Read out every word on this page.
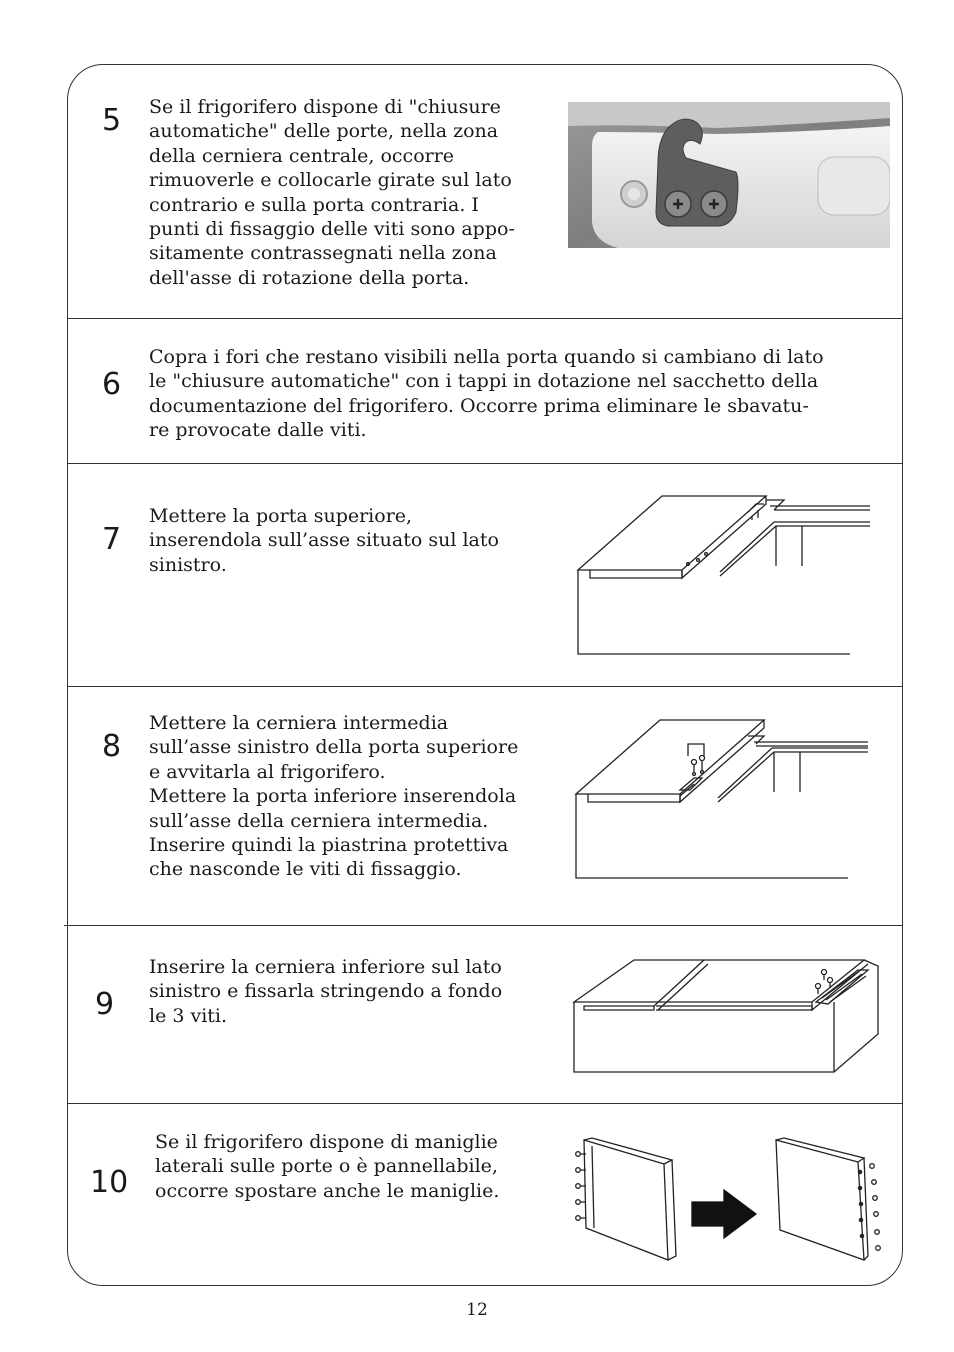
5 Se il frigorifero dispone di "chiusure

automatiche" delle porte, nella zona

della cerniera centrale, occorre

rimuoverle e collocarle girate sul lato

contrario e sulla porta contraria. I

punti di fissaggio delle viti sono appo-

sitamente contrassegnati nella zona

dell'asse di rotazione della porta.

6

Copra i fori che restano visibili nella porta quando si cambiano di lato

le "chiusure automatiche" con i tappi in dotazione nel sacchetto della

documentazione del frigorifero. Occorre prima eliminare le sbavatu-

re provocate dalle viti.

7

Mettere la porta superiore,

inserendola sull’asse situato sul lato

sinistro.

8

Mettere la cerniera intermedia

sull’asse sinistro della porta superiore

e avvitarla al frigorifero.

Mettere la porta inferiore inserendola

sull’asse della cerniera intermedia.

Inserire quindi la piastrina protettiva

che nasconde le viti di fissaggio.

9

Inserire la cerniera inferiore sul lato

sinistro e fissarla stringendo a fondo

le 3 viti.

10

Se il frigorifero dispone di maniglie

laterali sulle porte o è pannellabile,

occorre spostare anche le maniglie.

12
